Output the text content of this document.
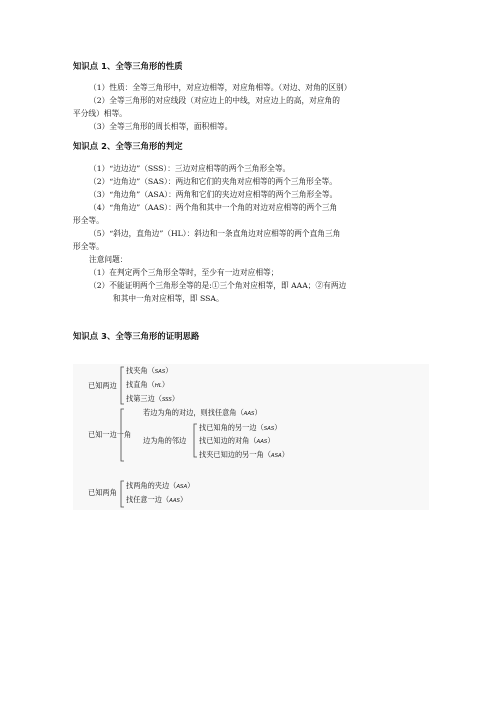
知识点 1、全等三角形的性质
（1）性质：全等三角形中，对应边相等，对应角相等。（对边、对角的区别）
（2）全等三角形的对应线段（对应边上的中线，对应边上的高，对应角的
平分线）相等。
（3）全等三角形的周长相等，面积相等。
知识点 2、全等三角形的判定
（1）“边边边”（SSS）：三边对应相等的两个三角形全等。
（2）“边角边”（SAS）：两边和它们的夹角对应相等的两个三角形全等。
（3）“角边角”（ASA）：两角和它们的夹边对应相等的两个三角形全等。
（4）“角角边”（AAS）：两个角和其中一个角的对边对应相等的两个三角
形全等。
（5）“斜边，直角边”（HL）：斜边和一条直角边对应相等的两个直角三角
形全等。
注意问题：
（1）在判定两个三角形全等时，至少有一边对应相等；
（2）不能证明两个三角形全等的是:①三个角对应相等，即 AAA；②有两边
和其中一角对应相等，即 SSA。
知识点 3、全等三角形的证明思路
已知两边
找夹角（SAS）
找直角（HL）
找第三边（SSS）
已知一边一角
若边为角的对边，则找任意角（AAS）
边为角的邻边
找已知角的另一边（SAS）
找已知边的对角（AAS）
找夹已知边的另一角（ASA）
已知两角
找两角的夹边（ASA）
找任意一边（AAS）
